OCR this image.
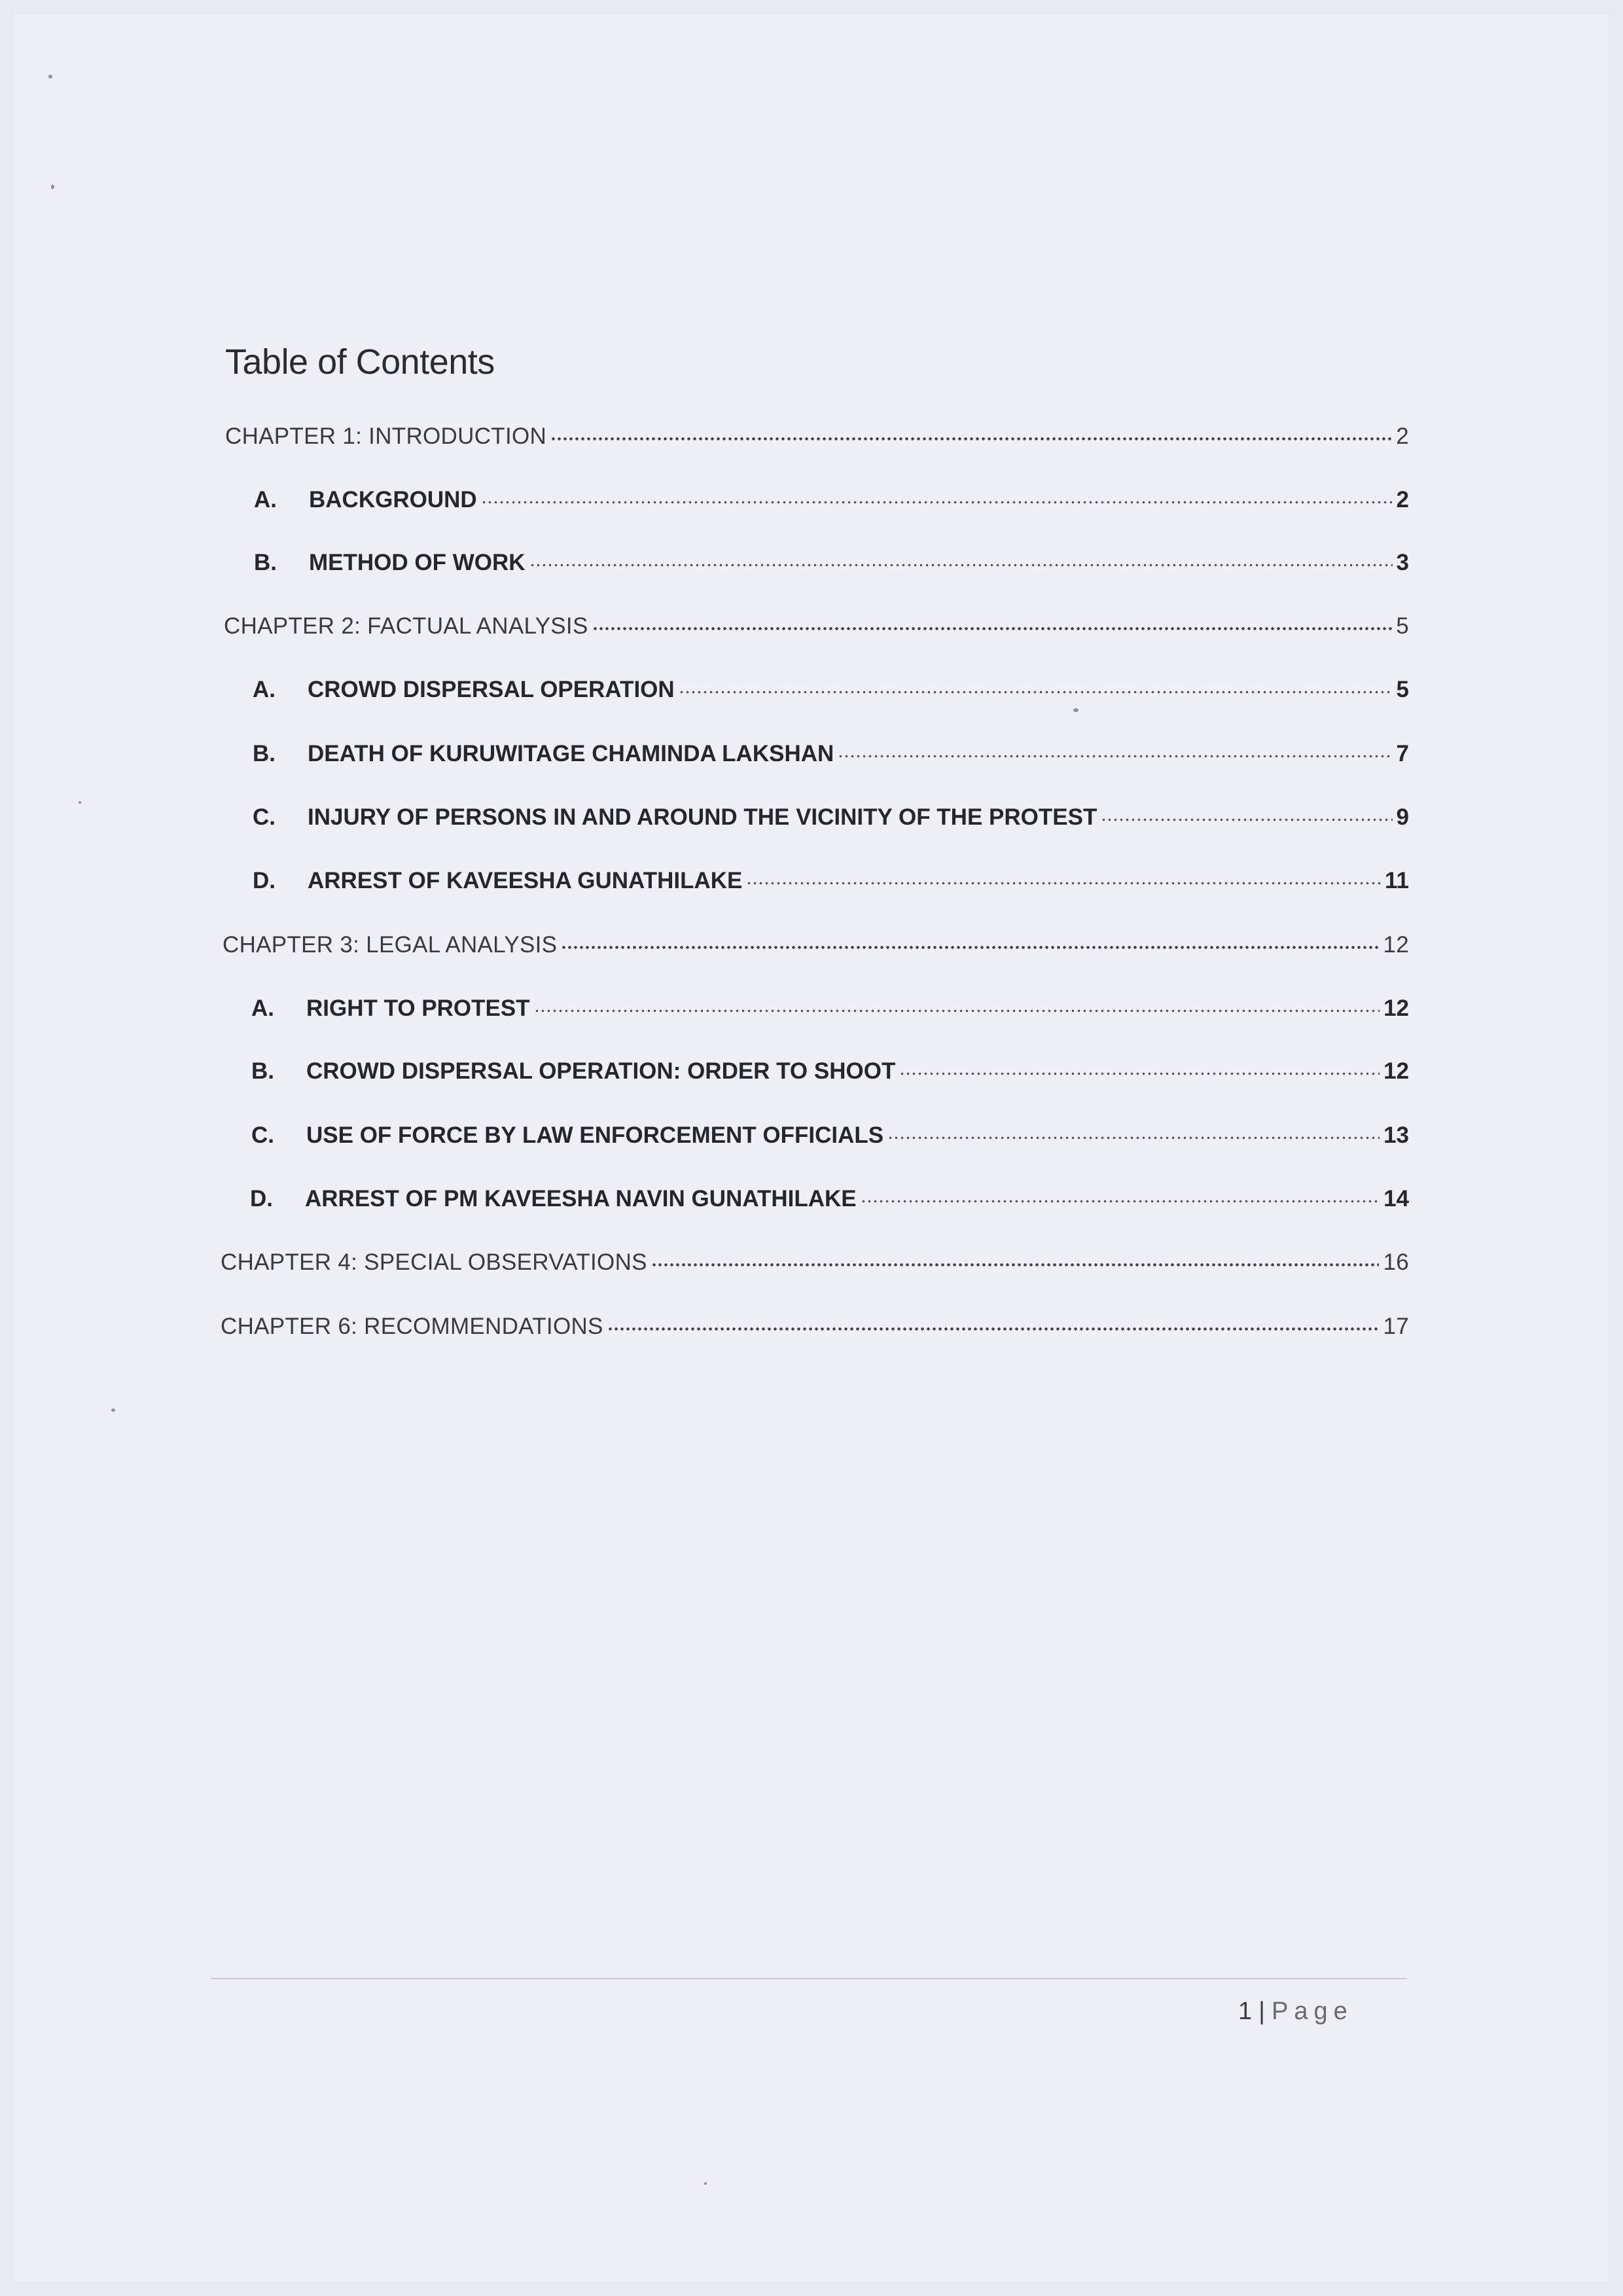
Table of Contents
CHAPTER 1: INTRODUCTION	2
A.	BACKGROUND	2
B.	METHOD OF WORK	3
CHAPTER 2: FACTUAL ANALYSIS	5
A.	CROWD DISPERSAL OPERATION	5
B.	DEATH OF KURUWITAGE CHAMINDA LAKSHAN	7
C.	INJURY OF PERSONS IN AND AROUND THE VICINITY OF THE PROTEST	9
D.	ARREST OF KAVEESHA GUNATHILAKE	11
CHAPTER 3: LEGAL ANALYSIS	12
A.	RIGHT TO PROTEST	12
B.	CROWD DISPERSAL OPERATION: ORDER TO SHOOT	12
C.	USE OF FORCE BY LAW ENFORCEMENT OFFICIALS	13
D.	ARREST OF PM KAVEESHA NAVIN GUNATHILAKE	14
CHAPTER 4: SPECIAL OBSERVATIONS	16
CHAPTER 6: RECOMMENDATIONS	17
1 | Page
